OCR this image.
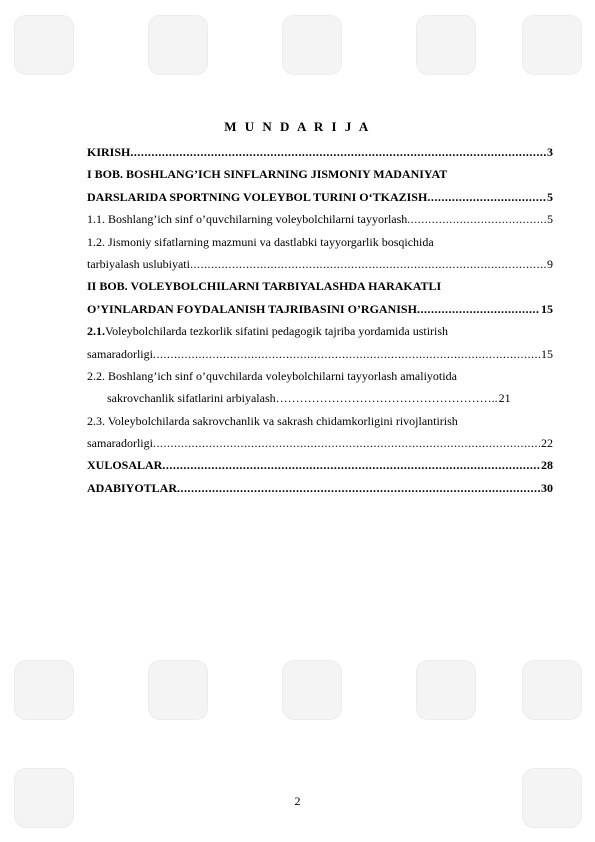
M U N D A R I J A
KIRISH .....	3
I BOB. BOSHLANG’ICH SINFLARNING JISMONIY MADANIYAT
DARSLARIDA SPORTNING VOLEYBOL TURINI O‘TKAZISH .....	5
1.1. Boshlang’ich sinf o’quvchilarning voleybolchilarni tayyorlash .....	5
1.2. Jismoniy sifatlarning mazmuni va dastlabki tayyorgarlik bosqichida
tarbiyalash uslubiyati .....	9
II BOB. VOLEYBOLCHILARNI TARBIYALASHDA HARAKATLI
O’YINLARDAN FOYDALANISH TAJRIBASINI O’RGANISH .....	15
2.1.Voleybolchilarda tezkorlik sifatini pedagogik tajriba yordamida ustirish
samaradorligi .....	15
2.2. Boshlang’ich sinf o’quvchilarda voleybolchilarni tayyorlash amaliyotida
sakrovchanlik sifatlarini arbiyalash……………………………………………….. 21
2.3. Voleybolchilarda sakrovchanlik va sakrash chidamkorligini rivojlantirish
samaradorligi .....	22
XULOSALAR .....	28
ADABIYOTLAR .....	30
2
